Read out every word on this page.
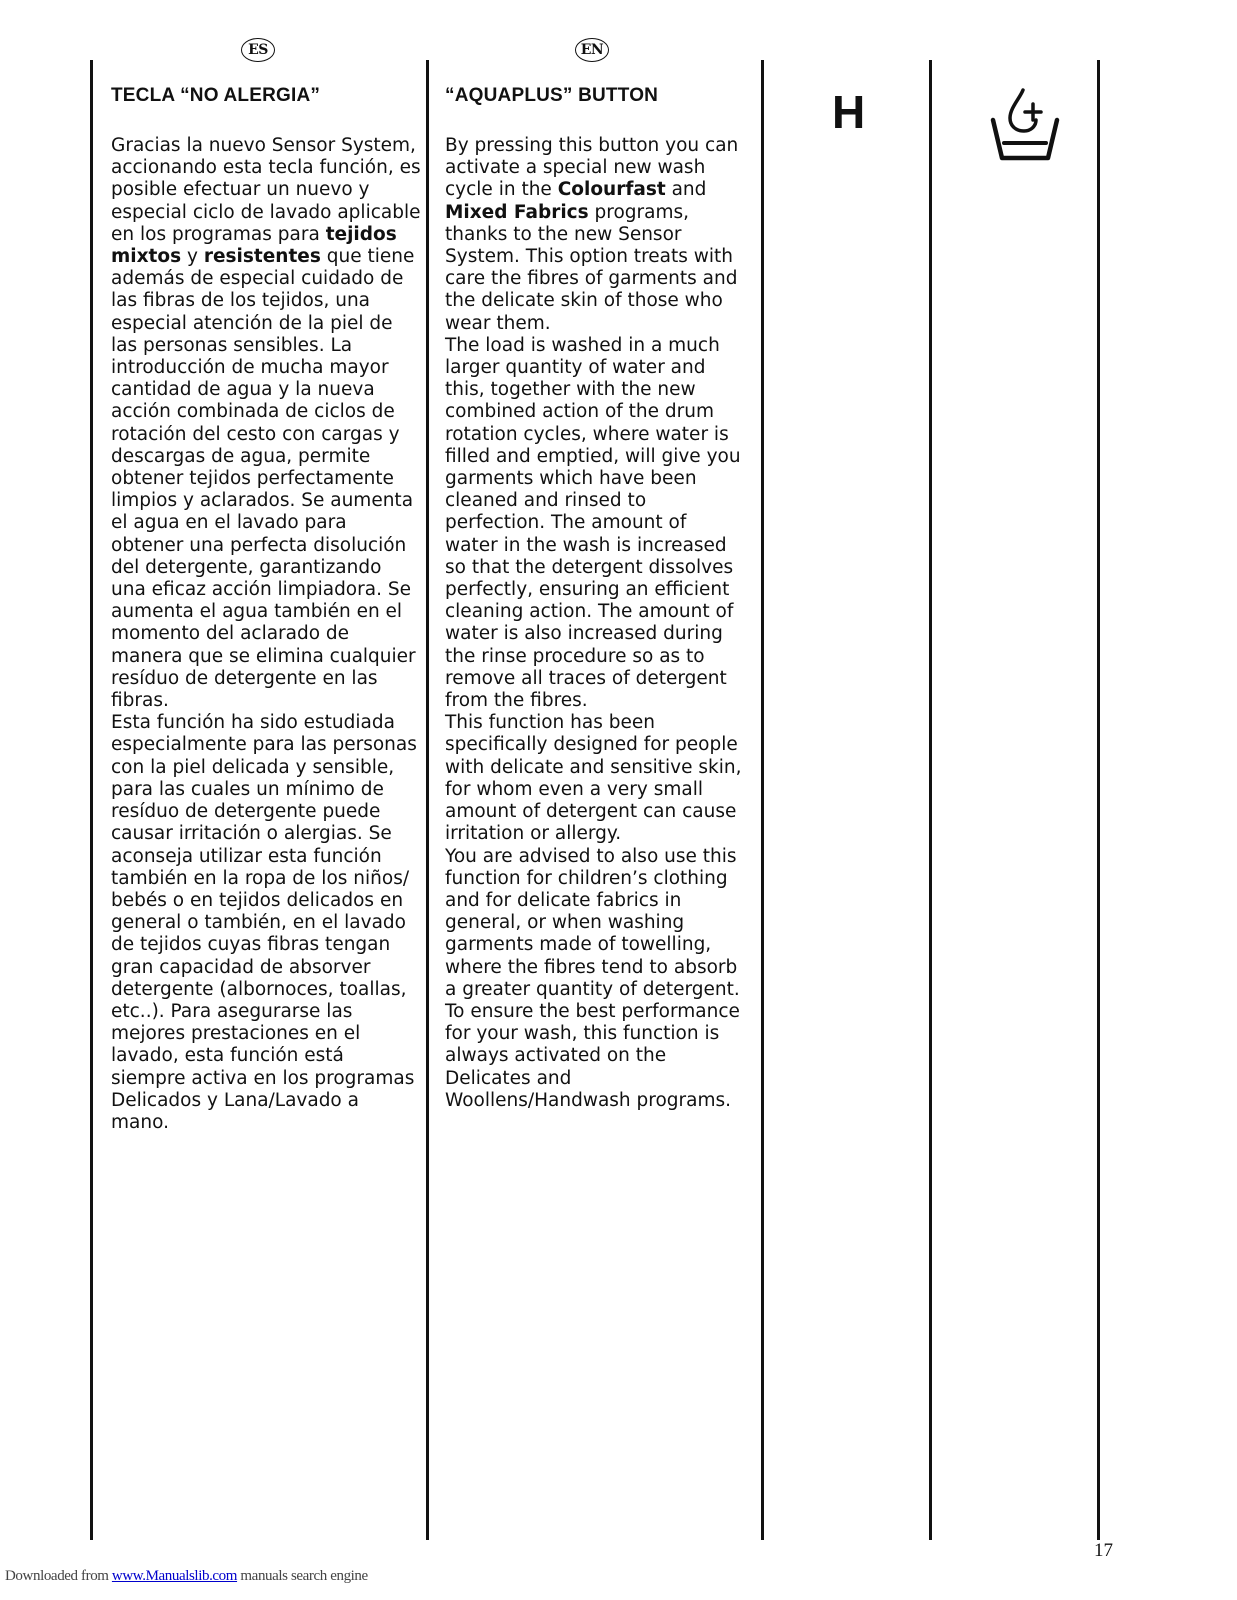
ES	EN
TECLA “NO ALERGIA”

Gracias la nuevo Sensor System, accionando esta tecla función, es posible efectuar un nuevo y especial ciclo de lavado aplicable en los programas para tejidos mixtos y resistentes que tiene además de especial cuidado de las fibras de los tejidos, una especial atención de la piel de las personas sensibles. La introducción de mucha mayor cantidad de agua y la nueva acción combinada de ciclos de rotación del cesto con cargas y descargas de agua, permite obtener tejidos perfectamente limpios y aclarados. Se aumenta el agua en el lavado para obtener una perfecta disolución del detergente, garantizando una eficaz acción limpiadora. Se aumenta el agua también en el momento del aclarado de manera que se elimina cualquier resíduo de detergente en las fibras.

Esta función ha sido estudiada especialmente para las personas con la piel delicada y sensible, para las cuales un mínimo de resíduo de detergente puede causar irritación o alergias. Se aconseja utilizar esta función también en la ropa de los niños/ bebés o en tejidos delicados en general o también, en el lavado de tejidos cuyas fibras tengan gran capacidad de absorver detergente (albornoces, toallas, etc..). Para asegurarse las mejores prestaciones en el lavado, esta función está siempre activa en los programas Delicados y Lana/Lavado a mano.

“AQUAPLUS” BUTTON

By pressing this button you can activate a special new wash cycle in the Colourfast and Mixed Fabrics programs, thanks to the new Sensor System. This option treats with care the fibres of garments and the delicate skin of those who wear them.

The load is washed in a much larger quantity of water and this, together with the new combined action of the drum rotation cycles, where water is filled and emptied, will give you garments which have been cleaned and rinsed to perfection. The amount of water in the wash is increased so that the detergent dissolves perfectly, ensuring an efficient cleaning action. The amount of water is also increased during the rinse procedure so as to remove all traces of detergent from the fibres.

This function has been specifically designed for people with delicate and sensitive skin, for whom even a very small amount of detergent can cause irritation or allergy.

You are advised to also use this function for children’s clothing and for delicate fabrics in general, or when washing garments made of towelling, where the fibres tend to absorb a greater quantity of detergent.

To ensure the best performance for your wash, this function is always activated on the Delicates and Woollens/Handwash programs.

H
17
Downloaded from www.Manualslib.com manuals search engine
